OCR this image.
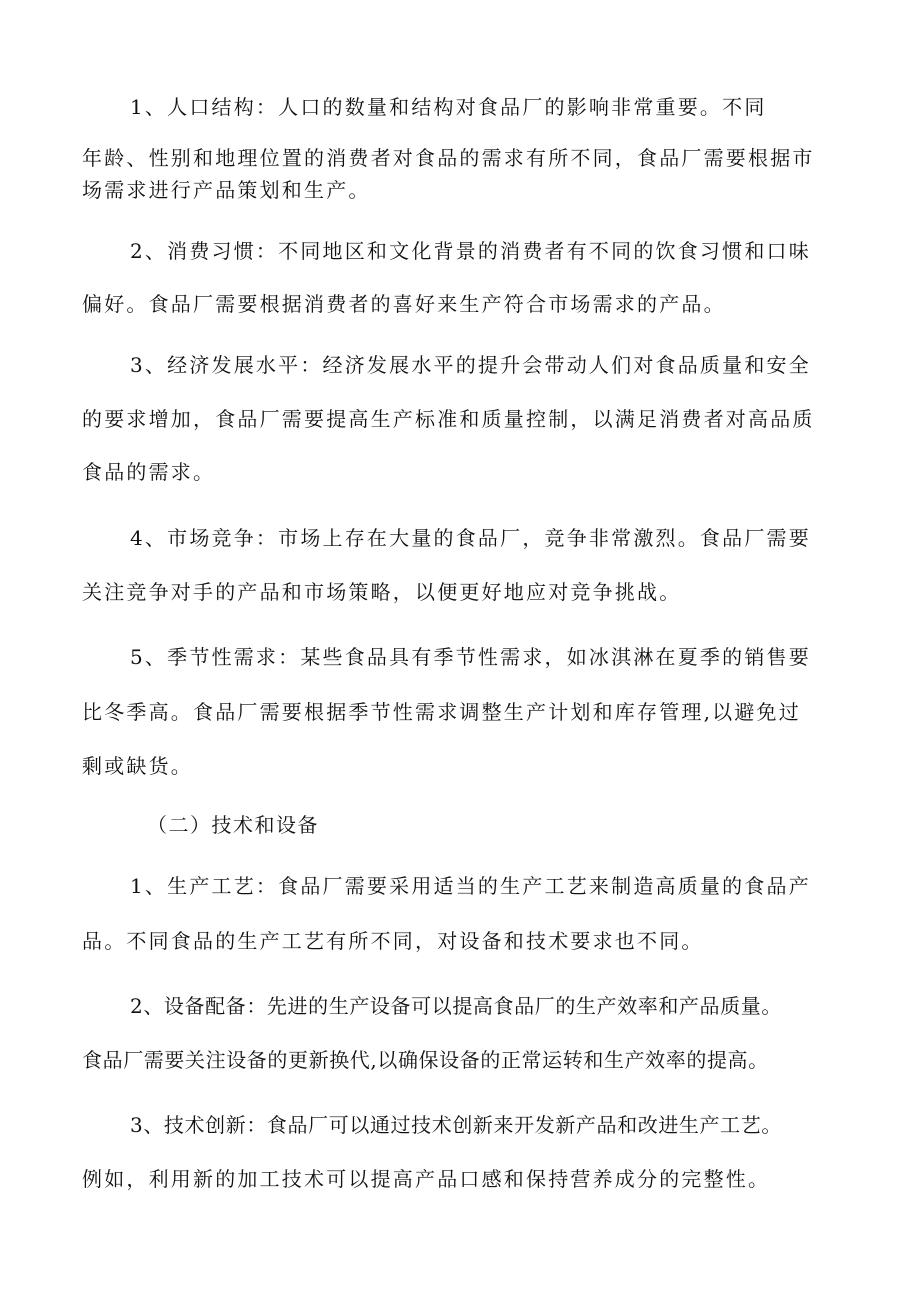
1、人口结构：人口的数量和结构对食品厂的影响非常重要。不同
年龄、性别和地理位置的消费者对食品的需求有所不同，食品厂需要根据市
场需求进行产品策划和生产。
2、消费习惯：不同地区和文化背景的消费者有不同的饮食习惯和口味
偏好。食品厂需要根据消费者的喜好来生产符合市场需求的产品。
3、经济发展水平：经济发展水平的提升会带动人们对食品质量和安全
的要求增加，食品厂需要提高生产标准和质量控制，以满足消费者对高品质
食品的需求。
4、市场竞争：市场上存在大量的食品厂，竞争非常激烈。食品厂需要
关注竞争对手的产品和市场策略，以便更好地应对竞争挑战。
5、季节性需求：某些食品具有季节性需求，如冰淇淋在夏季的销售要
比冬季高。食品厂需要根据季节性需求调整生产计划和库存管理,以避免过
剩或缺货。
（二）技术和设备
1、生产工艺：食品厂需要采用适当的生产工艺来制造高质量的食品产
品。不同食品的生产工艺有所不同，对设备和技术要求也不同。
2、设备配备：先进的生产设备可以提高食品厂的生产效率和产品质量。
食品厂需要关注设备的更新换代,以确保设备的正常运转和生产效率的提高。
3、技术创新：食品厂可以通过技术创新来开发新产品和改进生产工艺。
例如，利用新的加工技术可以提高产品口感和保持营养成分的完整性。
